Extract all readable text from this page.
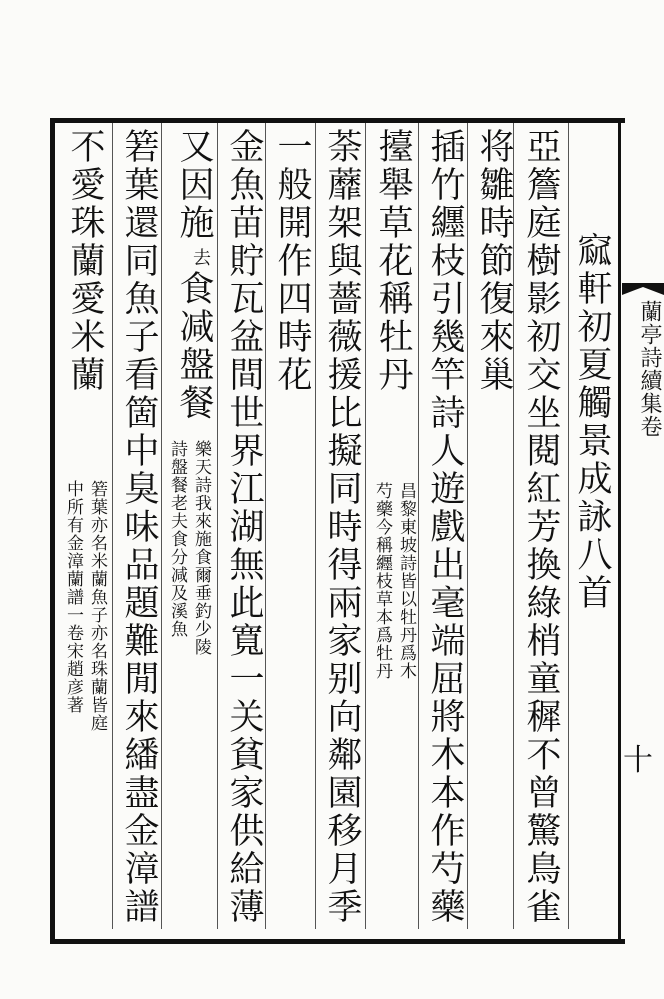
蘭亭詩續集卷
十
窳軒初夏觸景成詠八首
亞簷庭樹影初交坐閱紅芳換綠梢童穉不曾驚鳥雀
将雛時節復來巢
插竹纒枝引幾竿詩人遊戲出毫端屈將木本作芍藥
擡舉草花稱牡丹
昌黎東坡詩皆以牡丹爲木
芍藥今稱纒枝草本爲牡丹
荼蘼架與薔薇援比擬同時得兩家别向鄰園移月季
一般開作四時花
金魚苗貯瓦盆間世界江湖無此寬一关貧家供給薄
又因施
去
食减盤餐
樂天詩我來施食爾垂釣少陵
詩盤餐老夫食分减及溪魚
箬葉還同魚子看箇中臭味品題難閒來繙盡金漳譜
不愛珠蘭愛米蘭
箬葉亦名米蘭魚子亦名珠蘭皆庭
中所有金漳蘭譜一卷宋趙彦著
